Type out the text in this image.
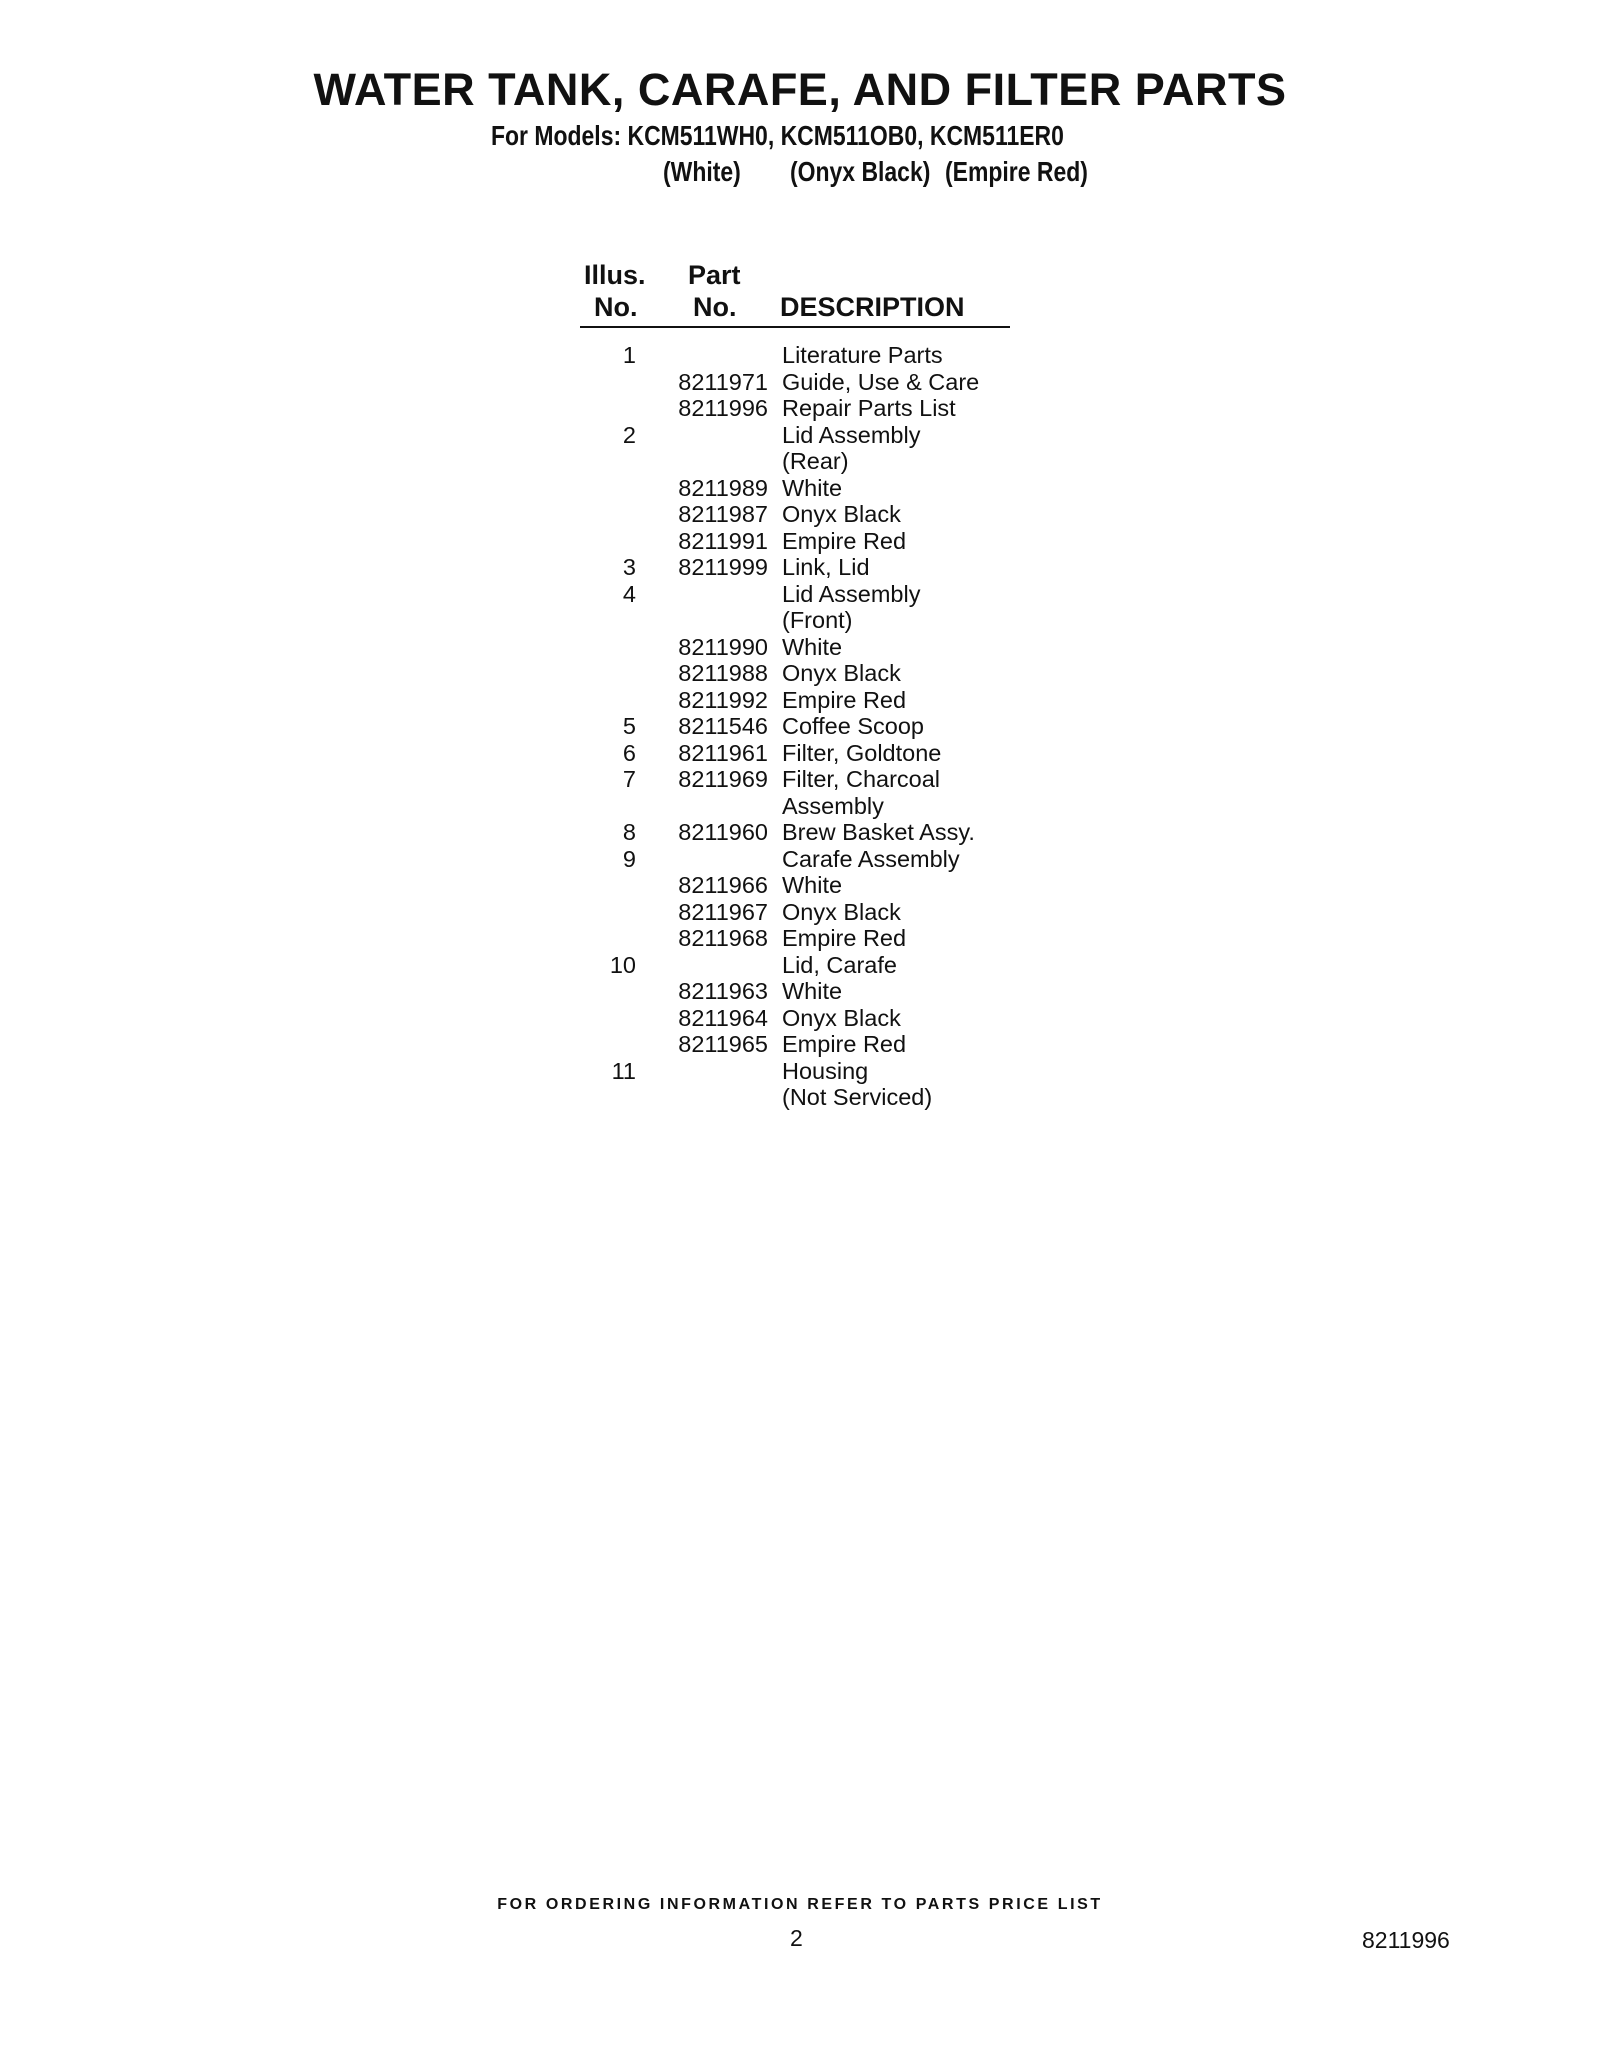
WATER TANK, CARAFE, AND FILTER PARTS
For Models: KCM511WH0, KCM511OB0, KCM511ER0
(White) (Onyx Black) (Empire Red)
Illus.
No.
Part
No. DESCRIPTION
1	Literature Parts
8211971 Guide, Use & Care
8211996 Repair Parts List
2	Lid Assembly
(Rear)
8211989 White
8211987 Onyx Black
8211991 Empire Red
3	8211999 Link, Lid
4	Lid Assembly
(Front)
8211990 White
8211988 Onyx Black
8211992 Empire Red
5	8211546 Coffee Scoop
6	8211961 Filter, Goldtone
7	8211969 Filter, Charcoal
Assembly
8	8211960 Brew Basket Assy.
9	Carafe Assembly
8211966 White
8211967 Onyx Black
8211968 Empire Red
10	Lid, Carafe
8211963 White
8211964 Onyx Black
8211965 Empire Red
11	Housing
(Not Serviced)
FOR ORDERING INFORMATION REFER TO PARTS PRICE LIST
2	8211996
